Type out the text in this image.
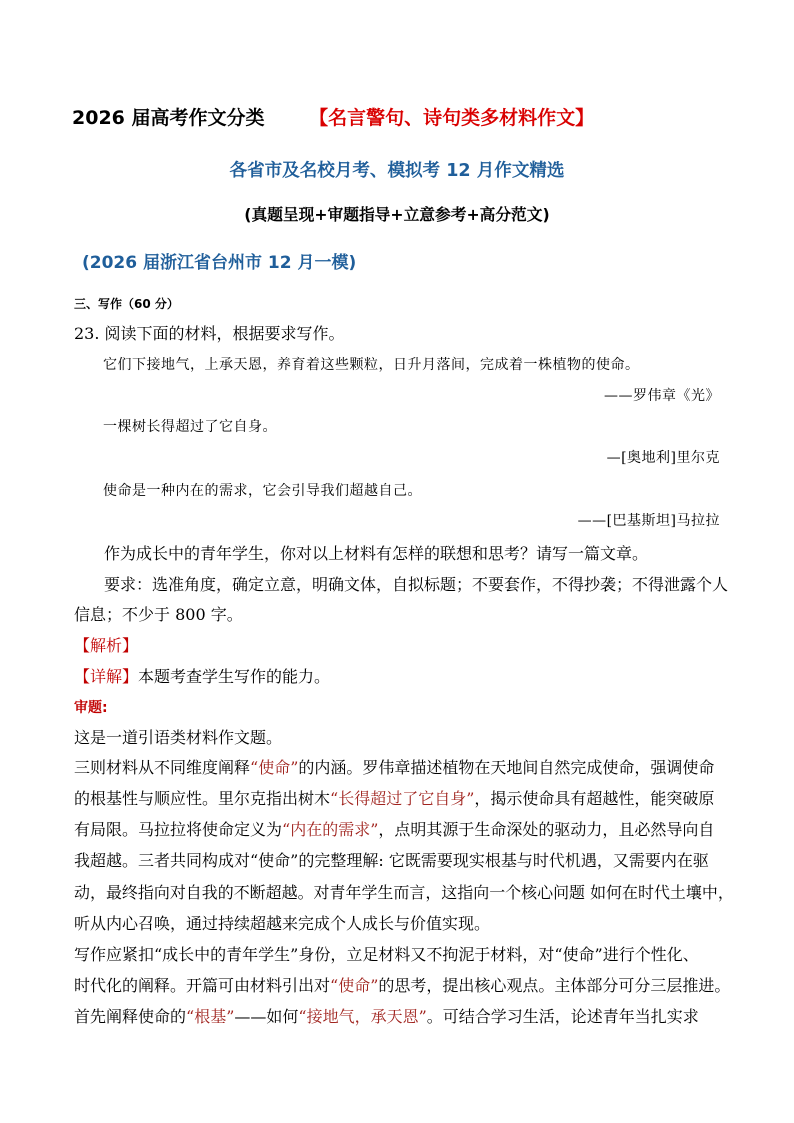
2026 届高考作文分类 【名言警句、诗句类多材料作文】
各省市及名校月考、模拟考 12 月作文精选
(真题呈现+审题指导+立意参考+高分范文)
(2026 届浙江省台州市 12 月一模)
三、写作（60 分）
23. 阅读下面的材料，根据要求写作。
它们下接地气，上承天恩，养育着这些颗粒，日升月落间，完成着一株植物的使命。
——罗伟章《光》
一棵树长得超过了它自身。
—[奥地利]里尔克
使命是一种内在的需求，它会引导我们超越自己。
——[巴基斯坦]马拉拉
作为成长中的青年学生，你对以上材料有怎样的联想和思考？请写一篇文章。
要求：选准角度，确定立意，明确文体，自拟标题；不要套作，不得抄袭；不得泄露个人
信息；不少于 800 字。
【解析】
【详解】本题考查学生写作的能力。
审题:
这是一道引语类材料作文题。
三则材料从不同维度阐释“使命”的内涵。罗伟章描述植物在天地间自然完成使命，强调使命
的根基性与顺应性。里尔克指出树木“长得超过了它自身”，揭示使命具有超越性，能突破原
有局限。马拉拉将使命定义为“内在的需求”，点明其源于生命深处的驱动力，且必然导向自
我超越。三者共同构成对“使命”的完整理解: 它既需要现实根基与时代机遇，又需要内在驱
动，最终指向对自我的不断超越。对青年学生而言，这指向一个核心问题 如何在时代土壤中，
听从内心召唤，通过持续超越来完成个人成长与价值实现。
写作应紧扣“成长中的青年学生”身份，立足材料又不拘泥于材料，对“使命”进行个性化、
时代化的阐释。开篇可由材料引出对“使命”的思考，提出核心观点。主体部分可分三层推进。
首先阐释使命的“根基”——如何“接地气，承天恩”。可结合学习生活，论述青年当扎实求
